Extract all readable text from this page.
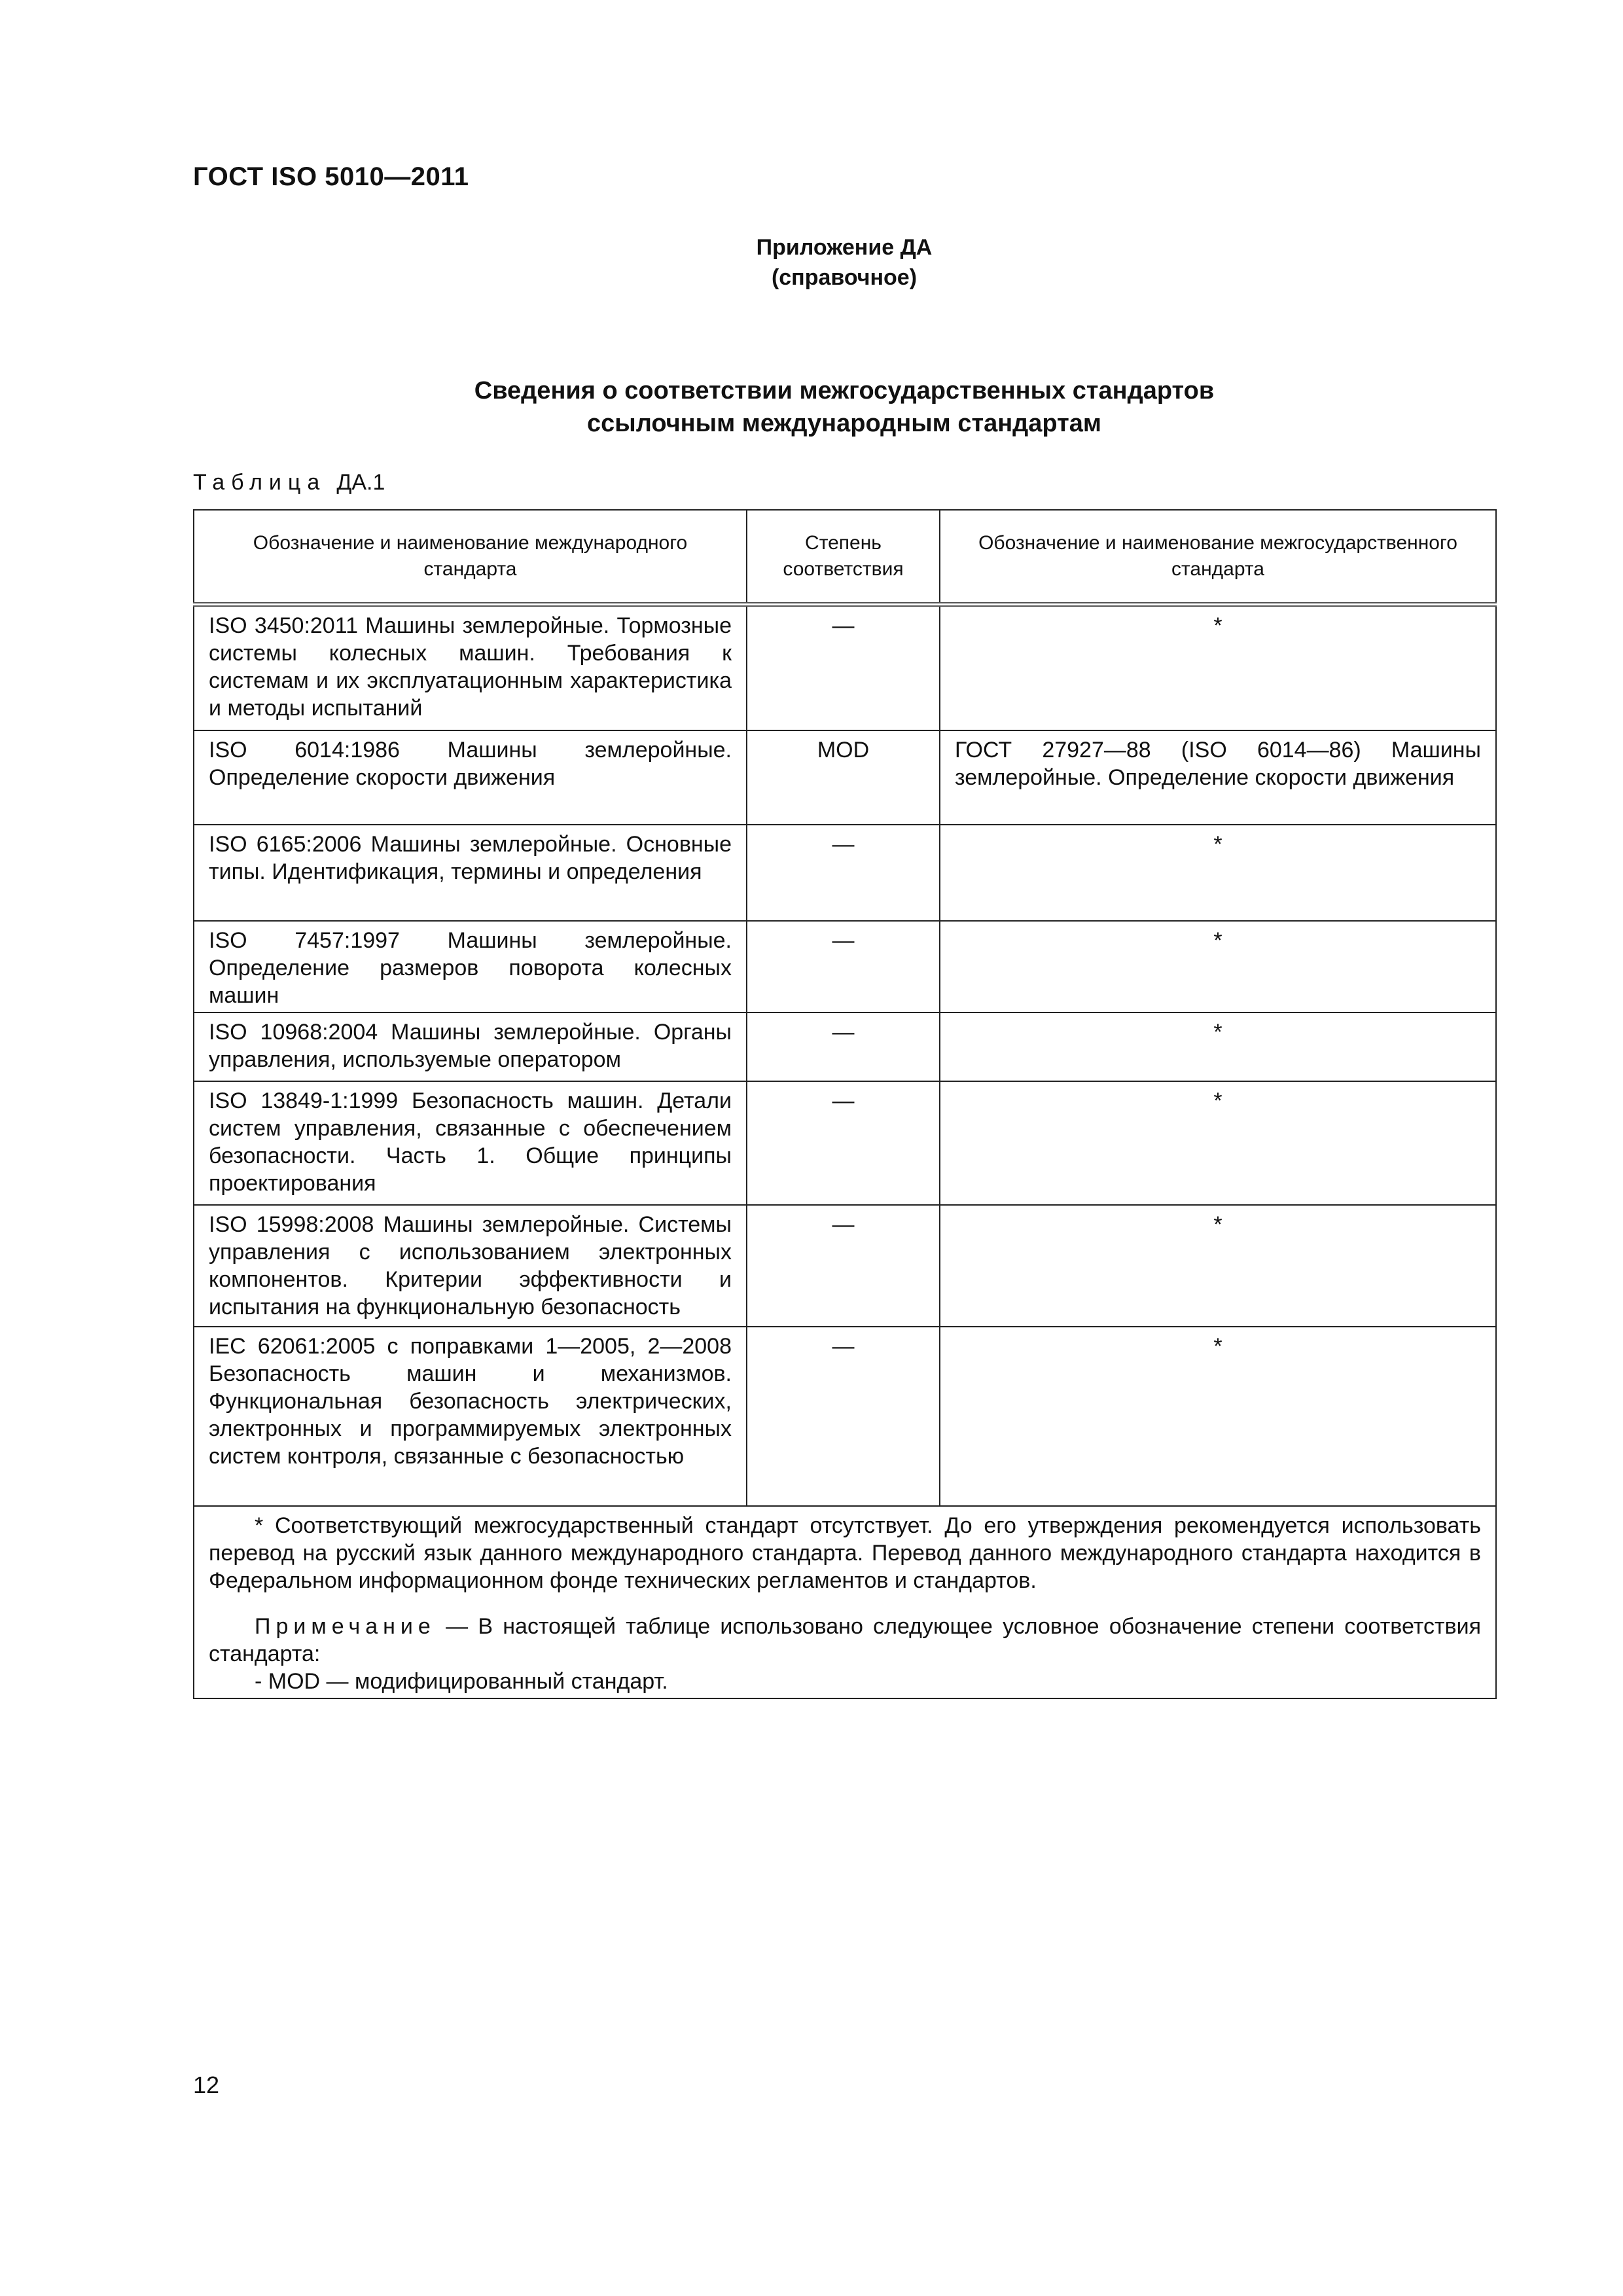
ГОСТ ISO 5010—2011
Приложение ДА
(справочное)
Сведения о соответствии межгосударственных стандартов
ссылочным международным стандартам
Таблица ДА.1
Обозначение и наименование международного стандарта	Степень соответствия	Обозначение и наименование межгосударственного стандарта
ISO 3450:2011 Машины землеройные. Тормозные системы колесных машин. Требования к системам и их эксплуатационным характеристика и методы испытаний	—	*
ISO 6014:1986 Машины землеройные. Определение скорости движения	MOD	ГОСТ 27927—88 (ISO 6014—86) Машины землеройные. Определение скорости движения
ISO 6165:2006 Машины землеройные. Основные типы. Идентификация, термины и определения	—	*
ISO 7457:1997 Машины землеройные. Определение размеров поворота колесных машин	—	*
ISO 10968:2004 Машины землеройные. Органы управления, используемые оператором	—	*
ISO 13849-1:1999 Безопасность машин. Детали систем управления, связанные с обеспечением безопасности. Часть 1. Общие принципы проектирования	—	*
ISO 15998:2008 Машины землеройные. Системы управления с использованием электронных компонентов. Критерии эффективности и испытания на функциональную безопасность	—	*
IEC 62061:2005 с поправками 1—2005, 2—2008 Безопасность машин и механизмов. Функциональная безопасность электрических, электронных и программируемых электронных систем контроля, связанные с безопасностью	—	*

* Соответствующий межгосударственный стандарт отсутствует. До его утверждения рекомендуется использовать перевод на русский язык данного международного стандарта. Перевод данного международного стандарта находится в Федеральном информационном фонде технических регламентов и стандартов.

Примечание — В настоящей таблице использовано следующее условное обозначение степени соответствия стандарта:

- MOD — модифицированный стандарт.		

12
